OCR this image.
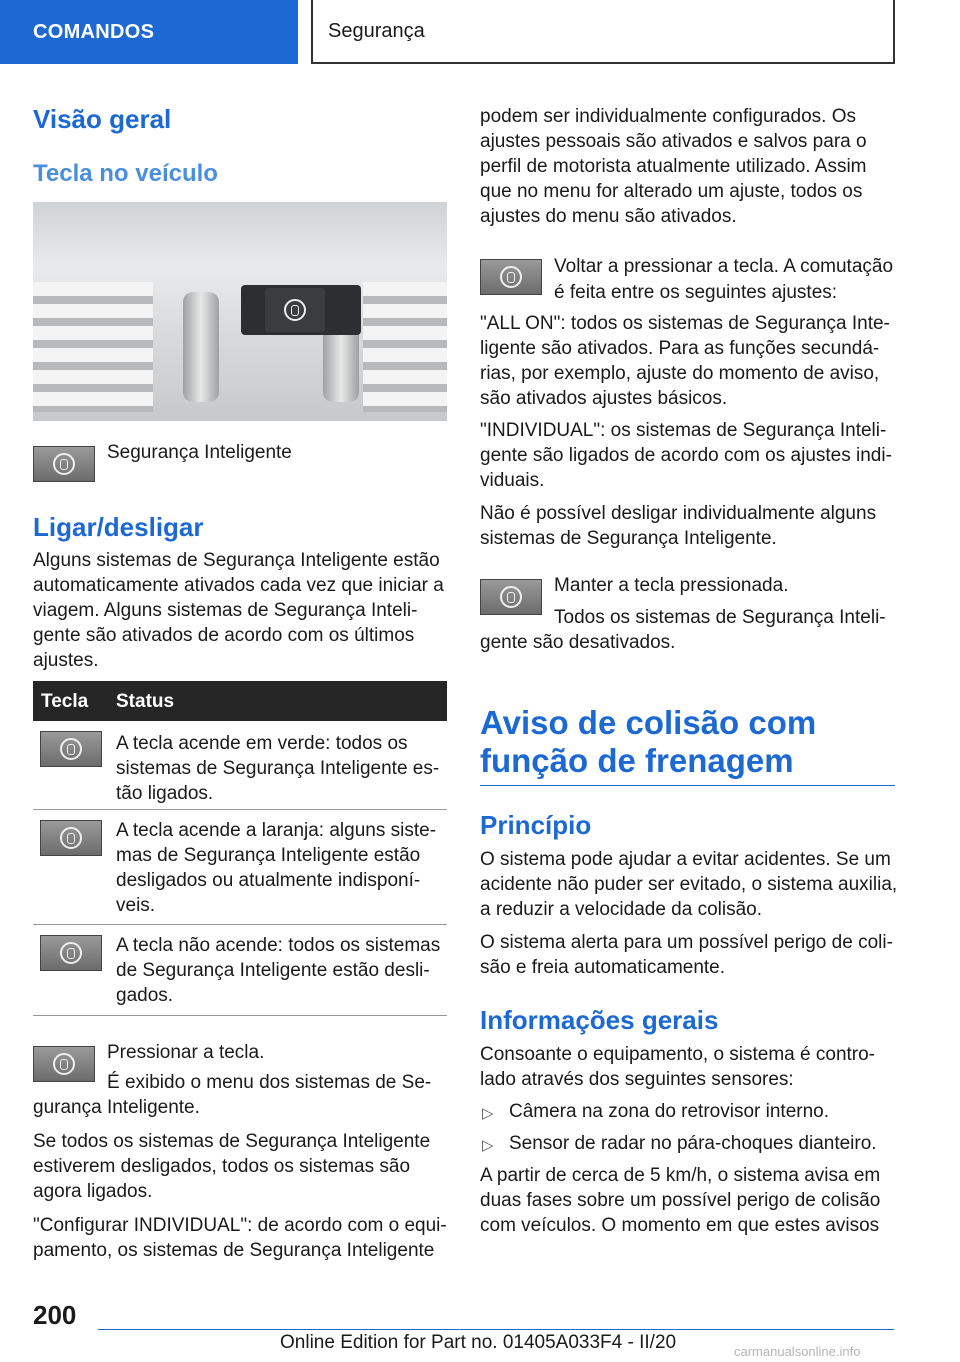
COMANDOS	Segurança
Visão geral
Tecla no veículo

Segurança Inteligente

Ligar/desligar

Alguns sistemas de Segurança Inteligente estão

automaticamente ativados cada vez que iniciar a

viagem. Alguns sistemas de Segurança Inteli-

gente são ativados de acordo com os últimos

ajustes.

Tecla Status

A tecla acende em verde: todos os

sistemas de Segurança Inteligente es-

tão ligados.

A tecla acende a laranja: alguns siste-

mas de Segurança Inteligente estão

desligados ou atualmente indisponí-

veis.

A tecla não acende: todos os sistemas

de Segurança Inteligente estão desli-

gados.

Pressionar a tecla.

É exibido o menu dos sistemas de Se-

gurança Inteligente.

Se todos os sistemas de Segurança Inteligente

estiverem desligados, todos os sistemas são

agora ligados.

"Configurar INDIVIDUAL": de acordo com o equi-

pamento, os sistemas de Segurança Inteligente

podem ser individualmente configurados. Os

ajustes pessoais são ativados e salvos para o

perfil de motorista atualmente utilizado. Assim

que no menu for alterado um ajuste, todos os

ajustes do menu são ativados.

Voltar a pressionar a tecla. A comutação

é feita entre os seguintes ajustes:

"ALL ON": todos os sistemas de Segurança Inte-

ligente são ativados. Para as funções secundá-

rias, por exemplo, ajuste do momento de aviso,

são ativados ajustes básicos.

"INDIVIDUAL": os sistemas de Segurança Inteli-

gente são ligados de acordo com os ajustes indi-

viduais.

Não é possível desligar individualmente alguns

sistemas de Segurança Inteligente.

Manter a tecla pressionada.

Todos os sistemas de Segurança Inteli-

gente são desativados.

Aviso de colisão com
função de frenagem
Princípio

O sistema pode ajudar a evitar acidentes. Se um

acidente não puder ser evitado, o sistema auxilia,

a reduzir a velocidade da colisão.

O sistema alerta para um possível perigo de coli-

são e freia automaticamente.

Informações gerais

Consoante o equipamento, o sistema é contro-

lado através dos seguintes sensores:

▷ Câmera na zona do retrovisor interno.

▷ Sensor de radar no pára-choques dianteiro.

A partir de cerca de 5 km/h, o sistema avisa em

duas fases sobre um possível perigo de colisão

com veículos. O momento em que estes avisos

200
Online Edition for Part no. 01405A033F4 - II/20	carmanualsonline.info
